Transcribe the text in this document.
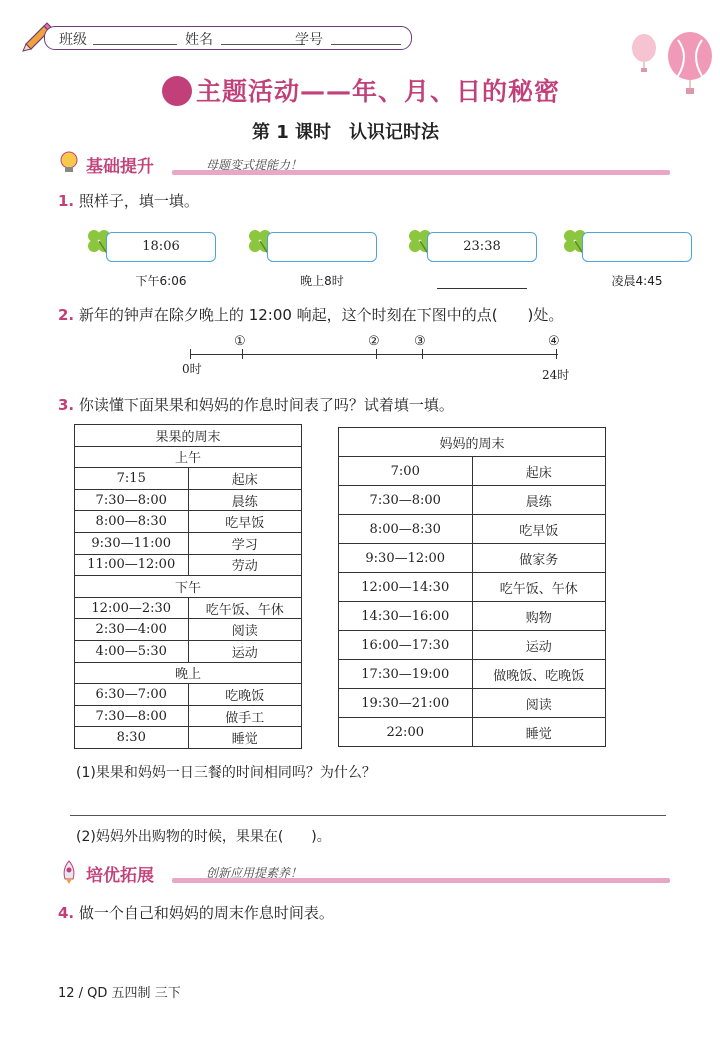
班级	姓名	学号
主题活动——年、月、日的秘密
第 1 课时　认识记时法
基础提升	母题变式提能力！
1. 照样子，填一填。
18:06
下午6:06	晚上8时
23:38
凌晨4:45
2. 新年的钟声在除夕晚上的 12:00 响起，这个时刻在下图中的点(　　)处。
①	②	③	④
0时	24时
3. 你读懂下面果果和妈妈的作息时间表了吗？试着填一填。
果果的周末	
上午	
7:15	起床
7:30—8:00	晨练
8:00—8:30	吃早饭
9:30—11:00	学习
11:00—12:00	劳动
下午	
12:00—2:30	吃午饭、午休
2:30—4:00	阅读
4:00—5:30	运动
晚上	
6:30—7:00	吃晚饭
7:30—8:00	做手工
8:30	睡觉
妈妈的周末	
7:00	起床
7:30—8:00	晨练
8:00—8:30	吃早饭
9:30—12:00	做家务
12:00—14:30	吃午饭、午休
14:30—16:00	购物
16:00—17:30	运动
17:30—19:00	做晚饭、吃晚饭
19:30—21:00	阅读
22:00	睡觉
(1)果果和妈妈一日三餐的时间相同吗？为什么？
(2)妈妈外出购物的时候，果果在(　　)。
培优拓展	创新应用提素养！
4. 做一个自己和妈妈的周末作息时间表。
12 / QD 五四制 三下
